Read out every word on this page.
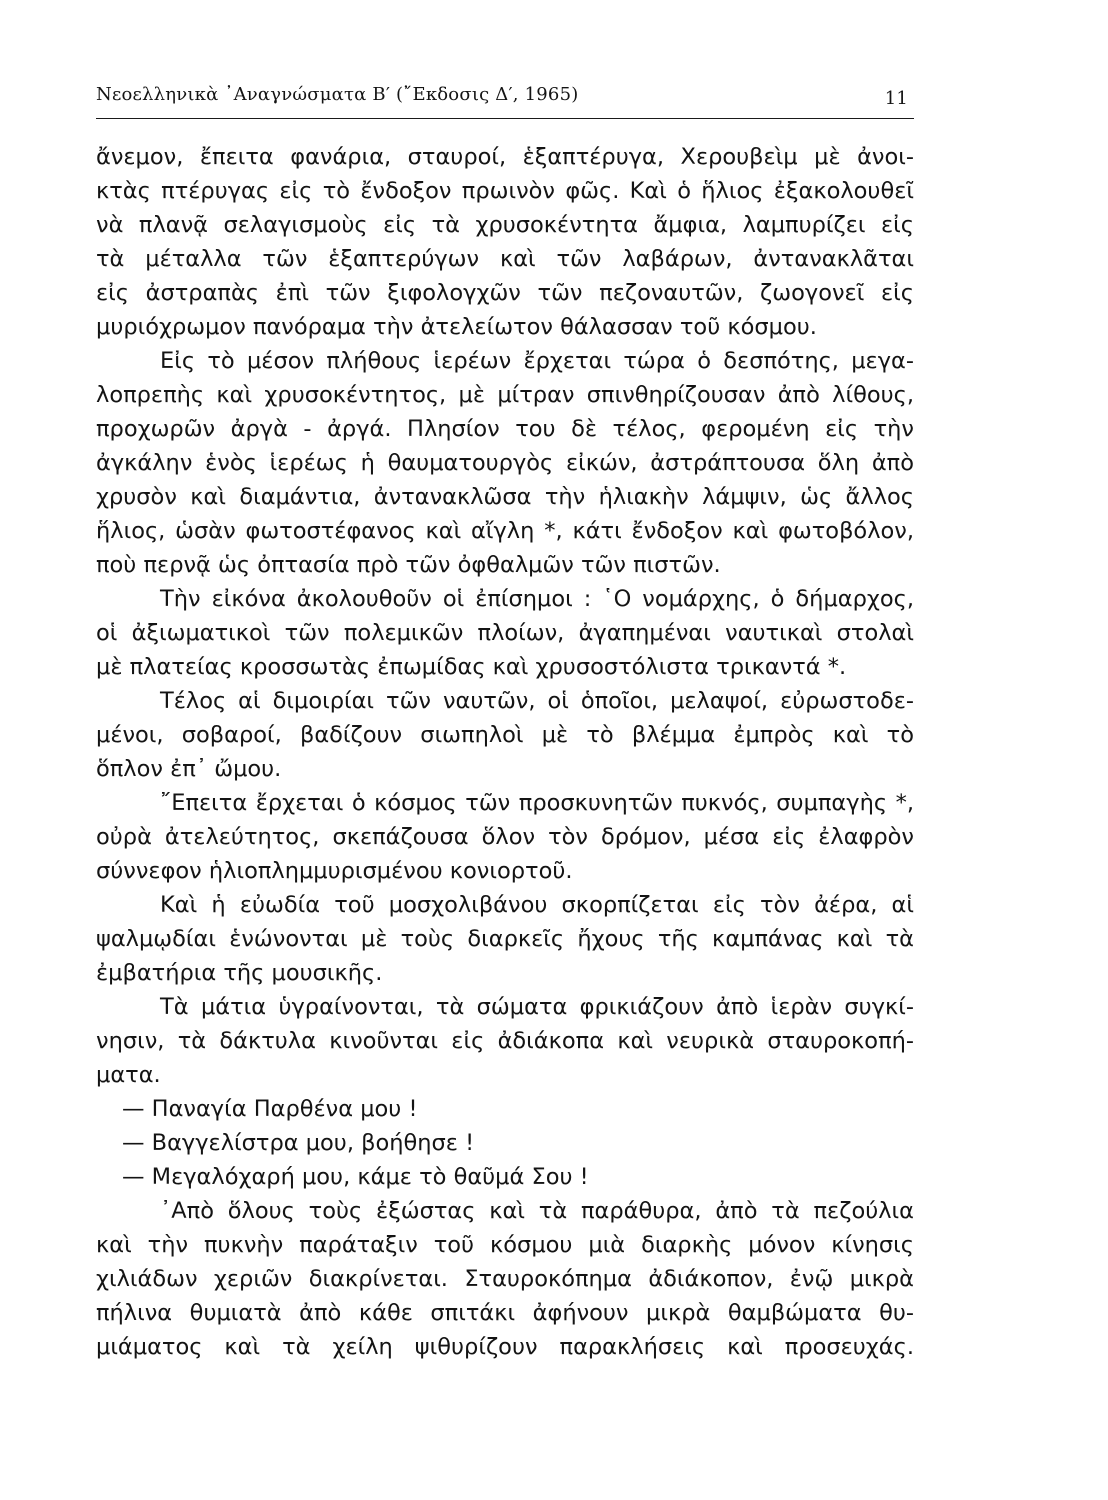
Νεοελληνικὰ ᾽Αναγνώσματα Β′ (῎Εκδοσις Δ′, 1965)	11
ἄνεμον, ἔπειτα φανάρια, σταυροί, ἑξαπτέρυγα, Χερουβεὶμ μὲ ἀνοι-
κτὰς πτέρυγας εἰς τὸ ἔνδοξον πρωινὸν φῶς. Καὶ ὁ ἥλιος ἐξακολουθεῖ
νὰ πλανᾷ σελαγισμοὺς εἰς τὰ χρυσοκέντητα ἄμφια, λαμπυρίζει εἰς
τὰ μέταλλα τῶν ἑξαπτερύγων καὶ τῶν λαβάρων, ἀντανακλᾶται
εἰς ἀστραπὰς ἐπὶ τῶν ξιφολογχῶν τῶν πεζοναυτῶν, ζωογονεῖ εἰς
μυριόχρωμον πανόραμα τὴν ἀτελείωτον θάλασσαν τοῦ κόσμου.
Εἰς τὸ μέσον πλήθους ἱερέων ἔρχεται τώρα ὁ δεσπότης, μεγα-
λοπρεπὴς καὶ χρυσοκέντητος, μὲ μίτραν σπινθηρίζουσαν ἀπὸ λίθους,
προχωρῶν ἀργὰ - ἀργά. Πλησίον του δὲ τέλος, φερομένη εἰς τὴν
ἀγκάλην ἑνὸς ἱερέως ἡ θαυματουργὸς εἰκών, ἀστράπτουσα ὅλη ἀπὸ
χρυσὸν καὶ διαμάντια, ἀντανακλῶσα τὴν ἡλιακὴν λάμψιν, ὡς ἄλλος
ἥλιος, ὡσὰν φωτοστέφανος καὶ αἴγλη *, κάτι ἔνδοξον καὶ φωτοβόλον,
ποὺ περνᾷ ὡς ὀπτασία πρὸ τῶν ὀφθαλμῶν τῶν πιστῶν.
Τὴν εἰκόνα ἀκολουθοῦν οἱ ἐπίσημοι : ῾Ο νομάρχης, ὁ δήμαρχος,
οἱ ἀξιωματικοὶ τῶν πολεμικῶν πλοίων, ἀγαπημέναι ναυτικαὶ στολαὶ
μὲ πλατείας κροσσωτὰς ἐπωμίδας καὶ χρυσοστόλιστα τρικαντά *.
Τέλος αἱ διμοιρίαι τῶν ναυτῶν, οἱ ὁποῖοι, μελαψοί, εὐρωστοδε-
μένοι, σοβαροί, βαδίζουν σιωπηλοὶ μὲ τὸ βλέμμα ἐμπρὸς καὶ τὸ
ὅπλον ἐπ᾽ ὤμου.
῎Επειτα ἔρχεται ὁ κόσμος τῶν προσκυνητῶν πυκνός, συμπαγὴς *,
οὐρὰ ἀτελεύτητος, σκεπάζουσα ὅλον τὸν δρόμον, μέσα εἰς ἐλαφρὸν
σύννεφον ἡλιοπλημμυρισμένου κονιορτοῦ.
Καὶ ἡ εὐωδία τοῦ μοσχολιβάνου σκορπίζεται εἰς τὸν ἀέρα, αἱ
ψαλμῳδίαι ἑνώνονται μὲ τοὺς διαρκεῖς ἤχους τῆς καμπάνας καὶ τὰ
ἐμβατήρια τῆς μουσικῆς.
Τὰ μάτια ὑγραίνονται, τὰ σώματα φρικιάζουν ἀπὸ ἱερὰν συγκί-
νησιν, τὰ δάκτυλα κινοῦνται εἰς ἀδιάκοπα καὶ νευρικὰ σταυροκοπή-
ματα.
— Παναγία Παρθένα μου !
— Βαγγελίστρα μου, βοήθησε !
— Μεγαλόχαρή μου, κάμε τὸ θαῦμά Σου !
᾽Απὸ ὅλους τοὺς ἐξώστας καὶ τὰ παράθυρα, ἀπὸ τὰ πεζούλια
καὶ τὴν πυκνὴν παράταξιν τοῦ κόσμου μιὰ διαρκὴς μόνον κίνησις
χιλιάδων χεριῶν διακρίνεται. Σταυροκόπημα ἀδιάκοπον, ἐνῷ μικρὰ
πήλινα θυμιατὰ ἀπὸ κάθε σπιτάκι ἀφήνουν μικρὰ θαμβώματα θυ-
μιάματος καὶ τὰ χείλη ψιθυρίζουν παρακλήσεις καὶ προσευχάς.
